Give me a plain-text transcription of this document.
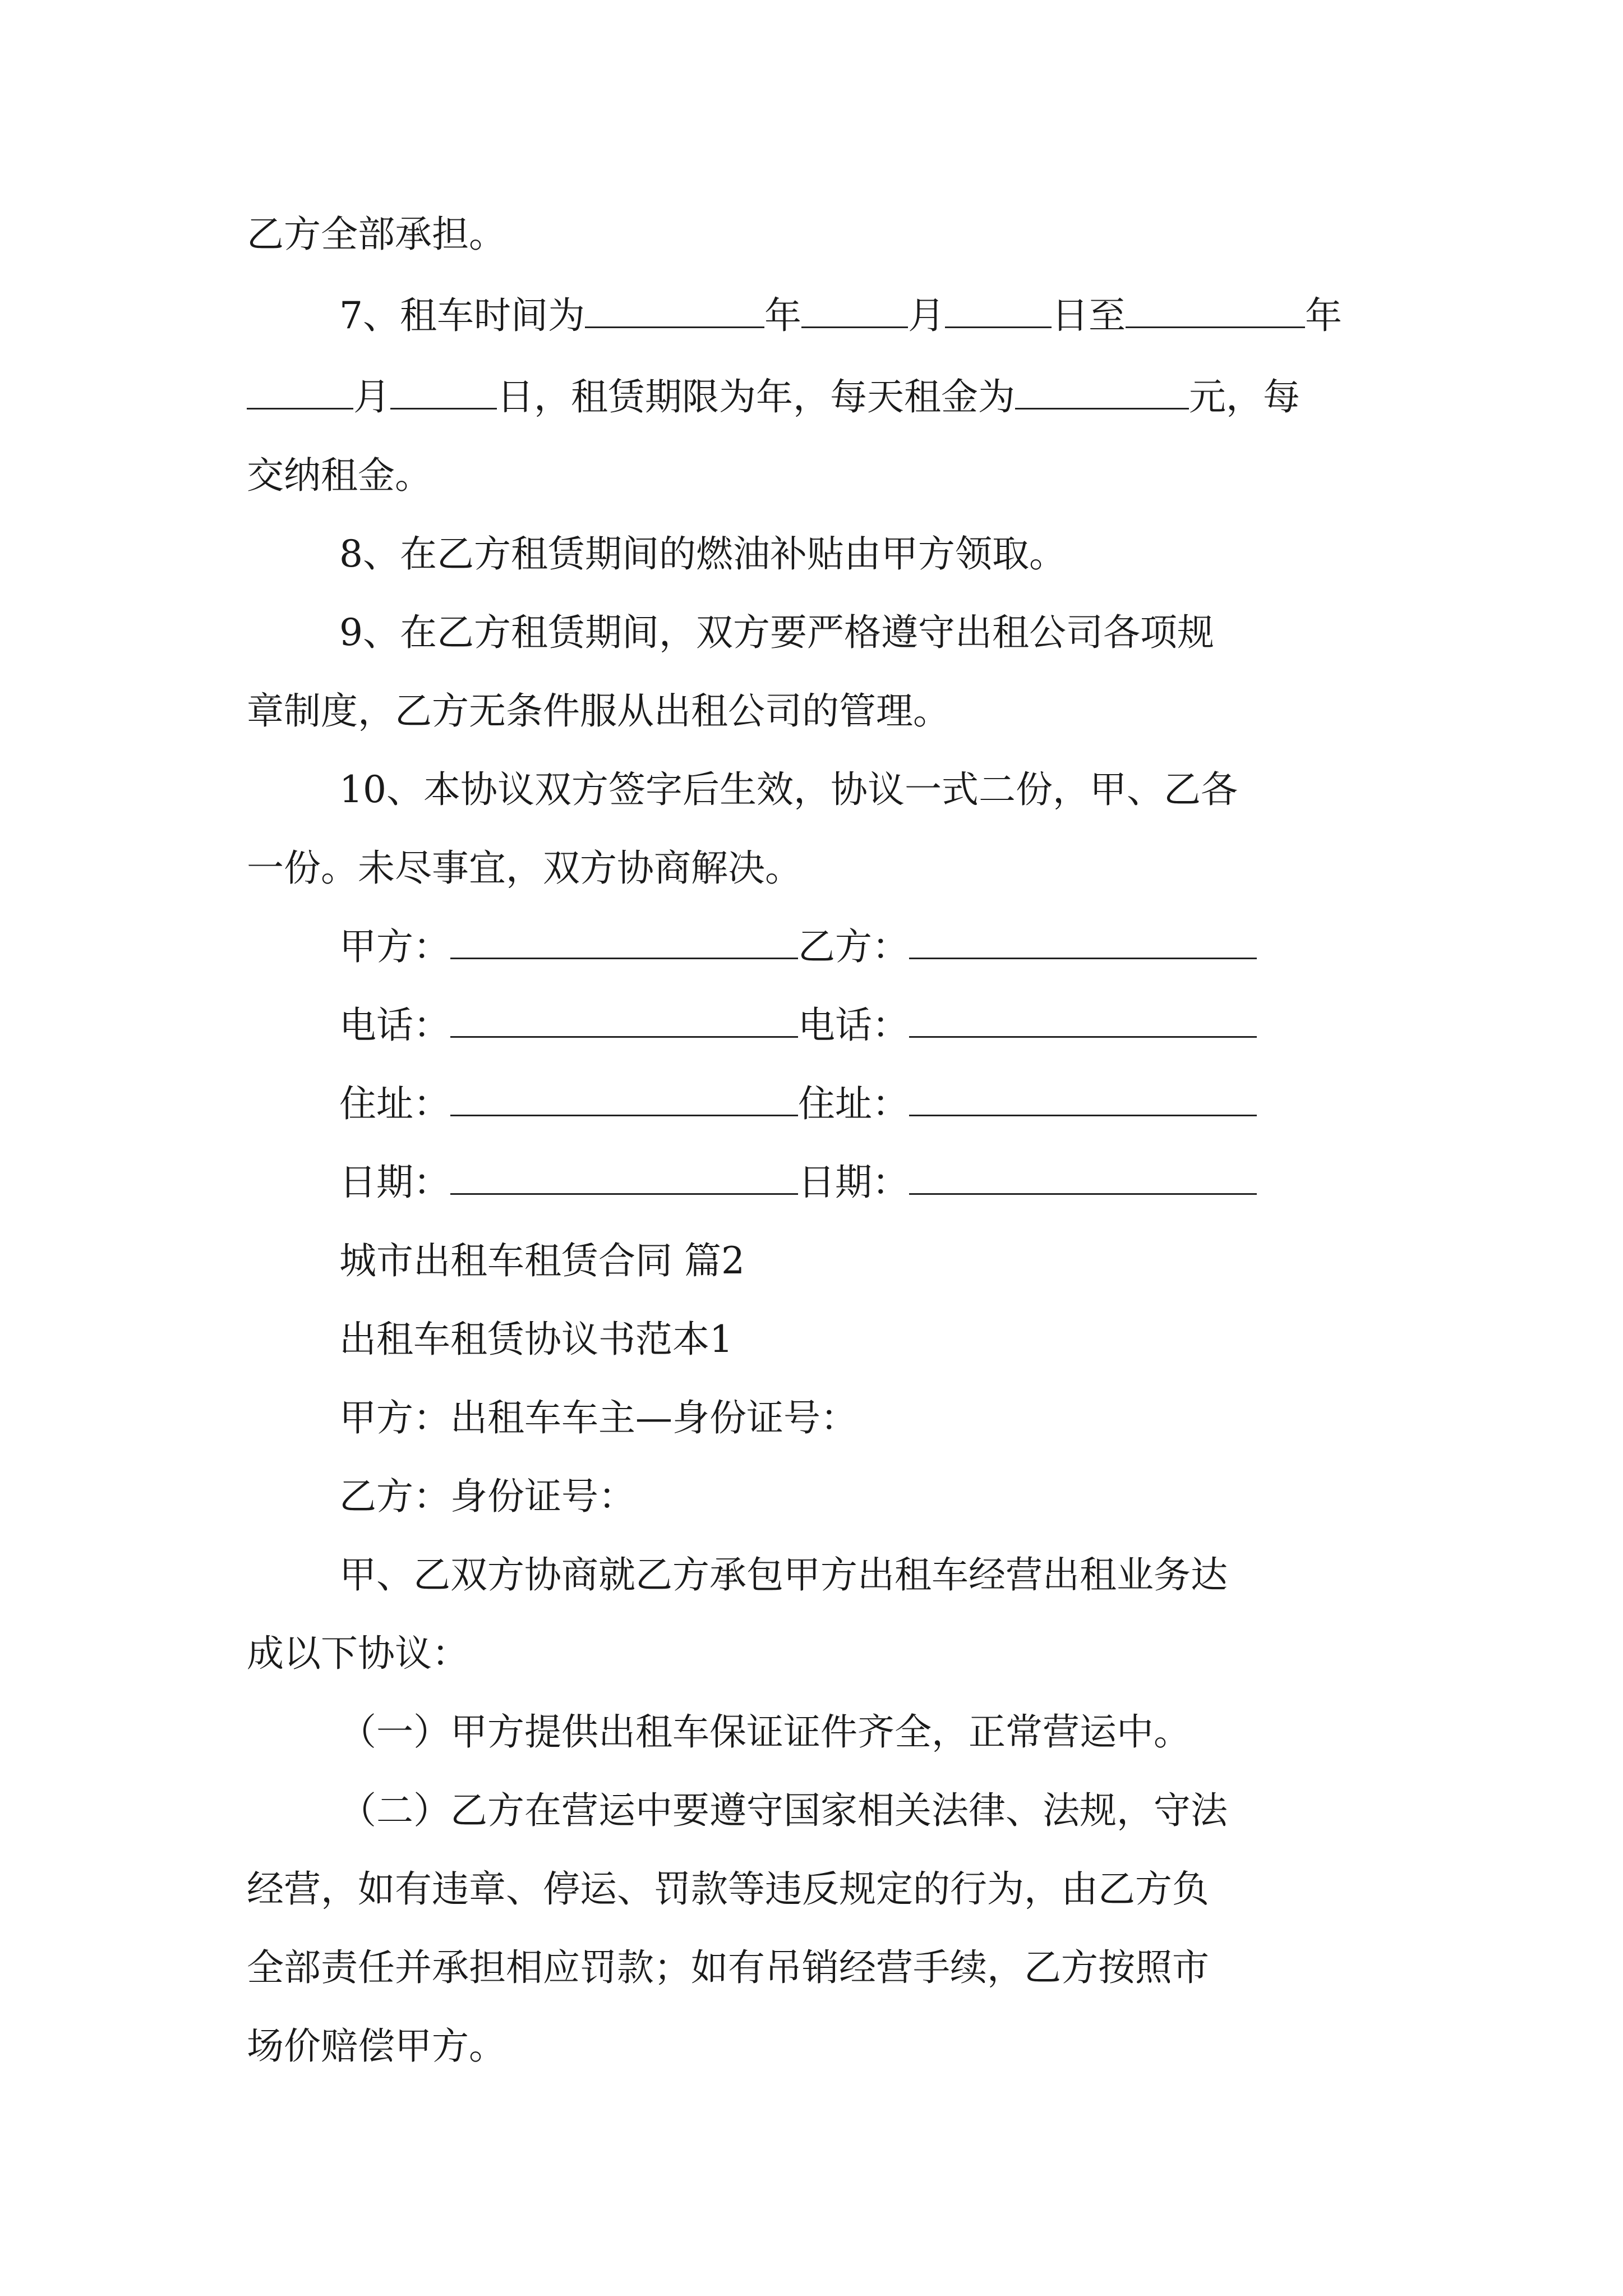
乙方全部承担。
7、租车时间为	年	月	日至	年
月	日，租赁期限为年，每天租金为	元，每
交纳租金。
8、在乙方租赁期间的燃油补贴由甲方领取。
9、在乙方租赁期间，双方要严格遵守出租公司各项规
章制度，乙方无条件服从出租公司的管理。
10、本协议双方签字后生效，协议一式二份，甲、乙各
一份。未尽事宜，双方协商解决。
甲方：	乙方：
电话：	电话：
住址：	住址：
日期：	日期：
城市出租车租赁合同 篇2
出租车租赁协议书范本1
甲方：出租车车主—身份证号：
乙方：身份证号：
甲、乙双方协商就乙方承包甲方出租车经营出租业务达
成以下协议：
（一）甲方提供出租车保证证件齐全，正常营运中。
（二）乙方在营运中要遵守国家相关法律、法规，守法
经营，如有违章、停运、罚款等违反规定的行为，由乙方负
全部责任并承担相应罚款；如有吊销经营手续，乙方按照市
场价赔偿甲方。
